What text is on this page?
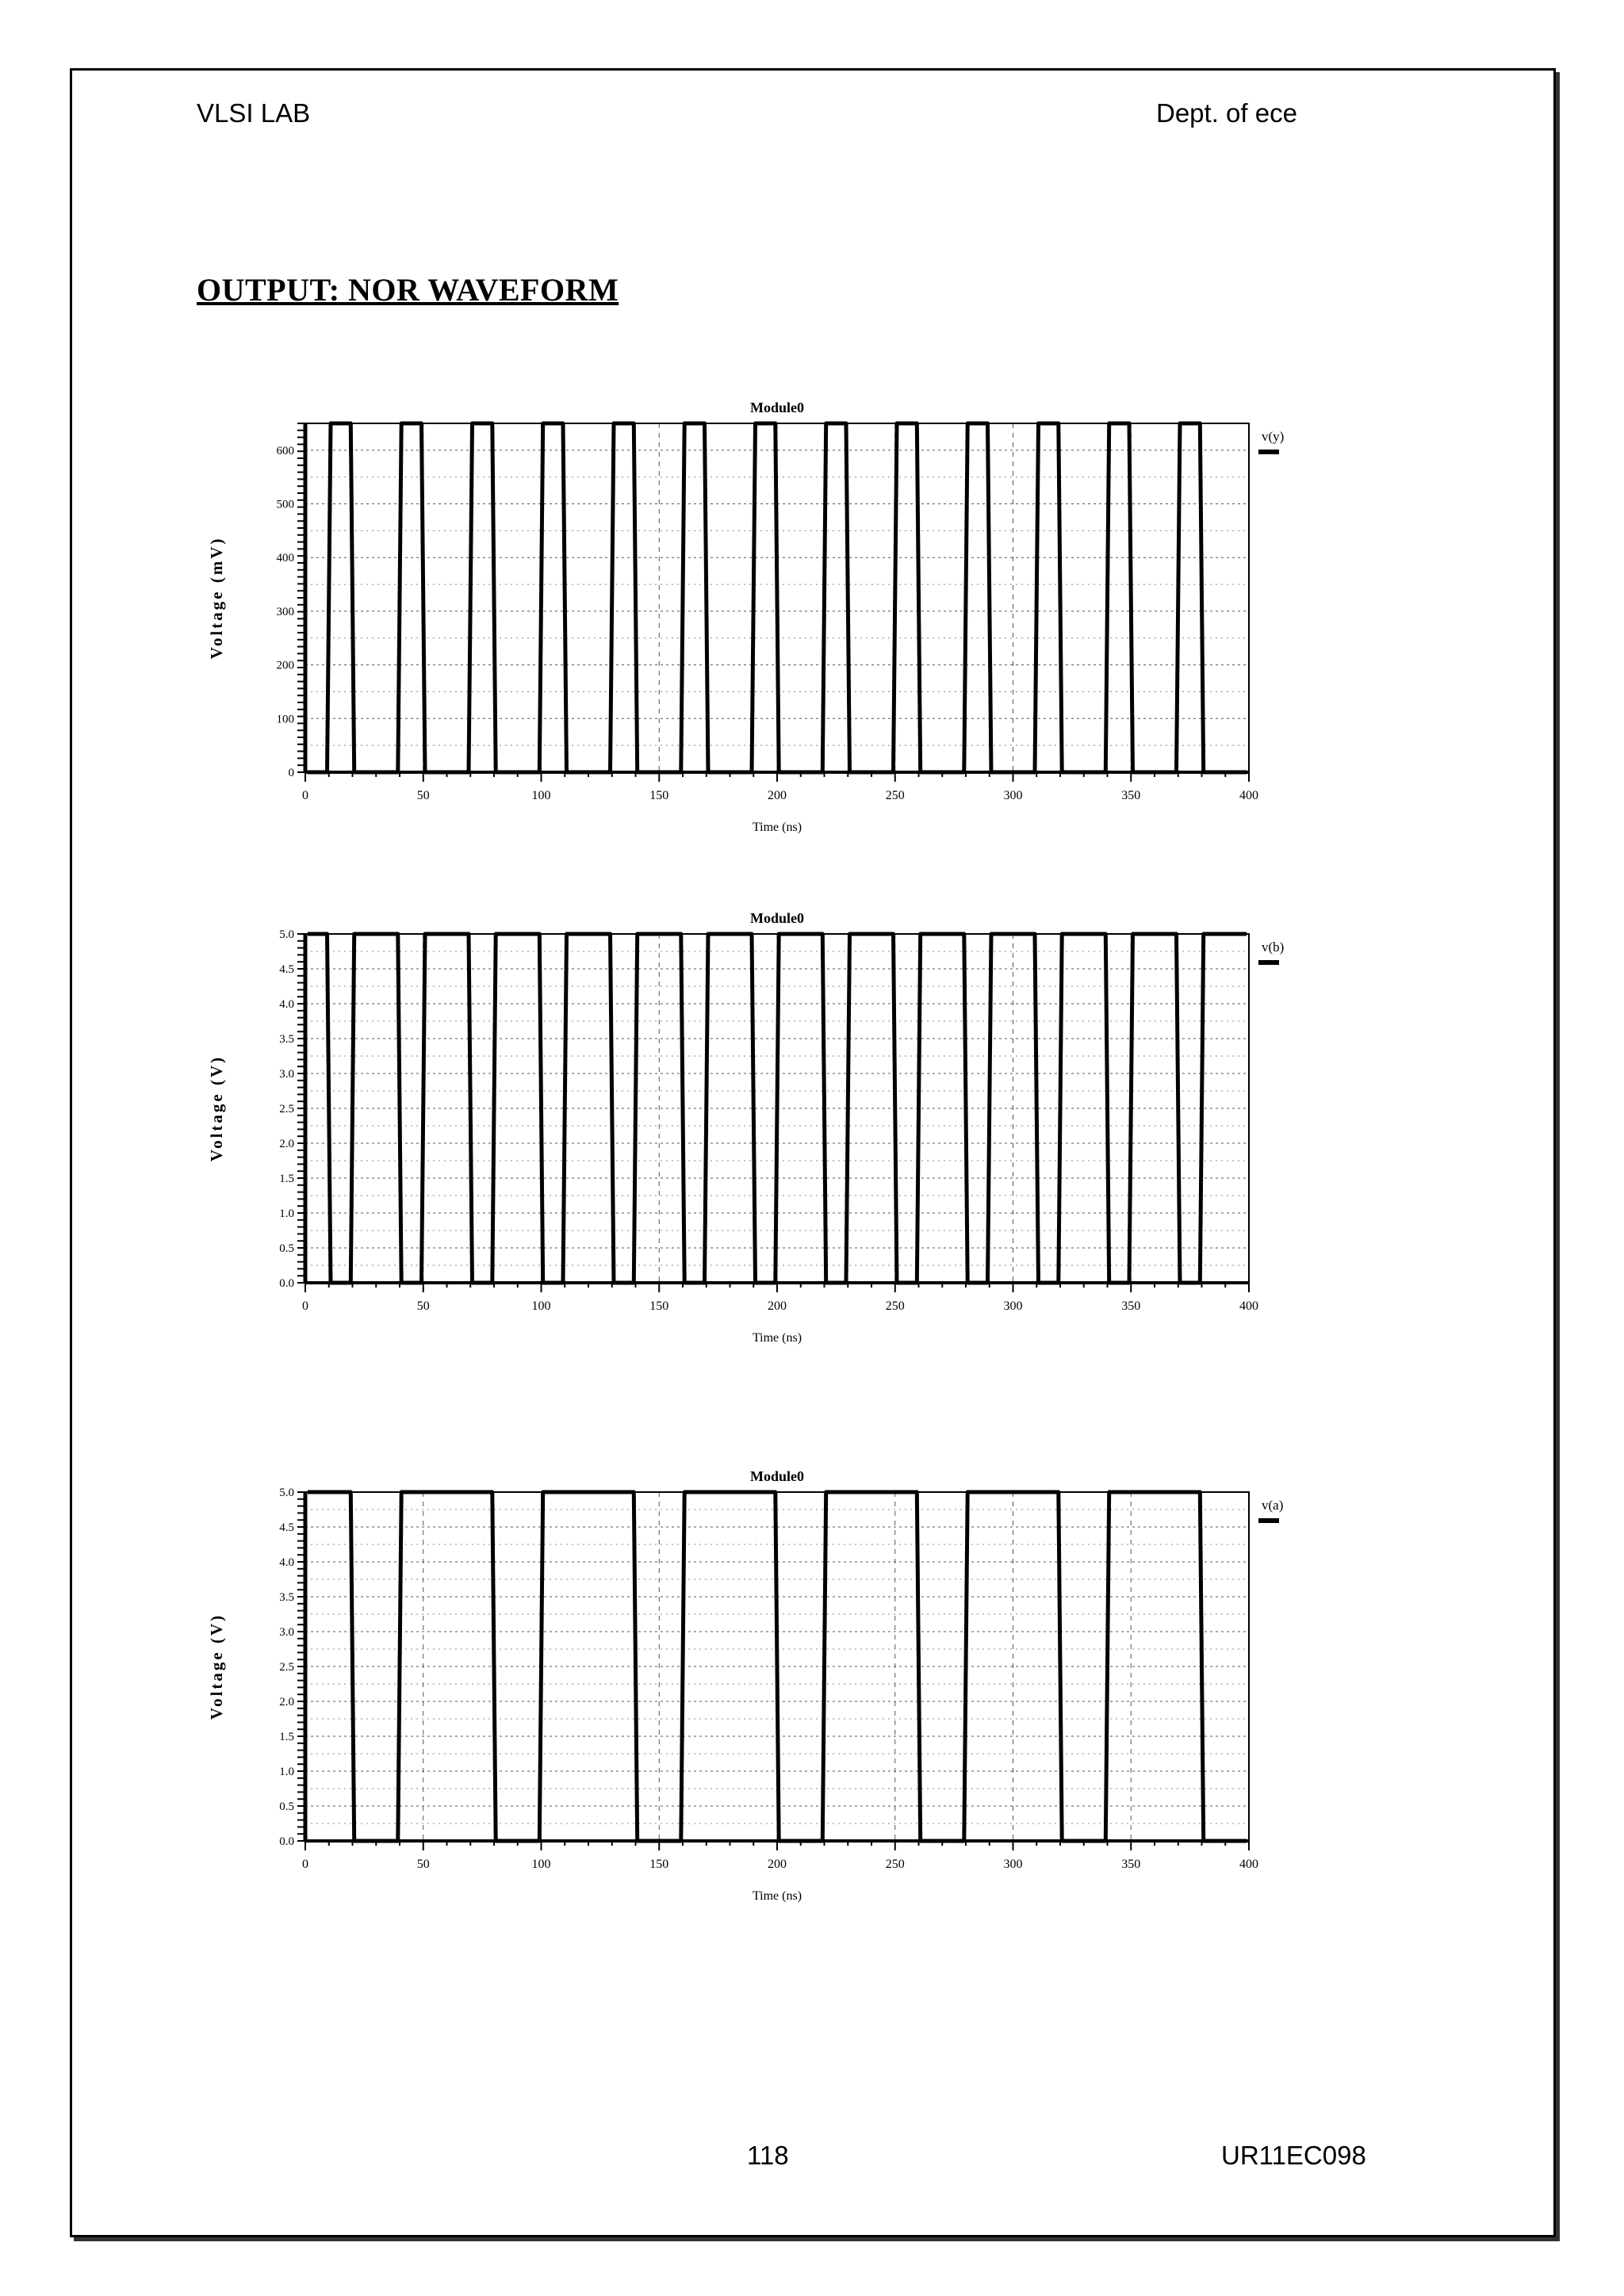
VLSI LAB	Dept. of ece
OUTPUT: NOR WAVEFORM
Module0
0
100
200
300
400
500
600
0	50	100	150	200	250	300	350	400
Time (ns)
Voltage (mV)
v(y)
Module0
0.0
0.5
1.0
1.5
2.0
2.5
3.0
3.5
4.0
4.5
5.0
0	50	100	150	200	250	300	350	400
Time (ns)
Voltage (V)
v(b)
Module0
0.0
0.5
1.0
1.5
2.0
2.5
3.0
3.5
4.0
4.5
5.0
0	50	100	150	200	250	300	350	400
Time (ns)
Voltage (V)
v(a)
118	UR11EC098
